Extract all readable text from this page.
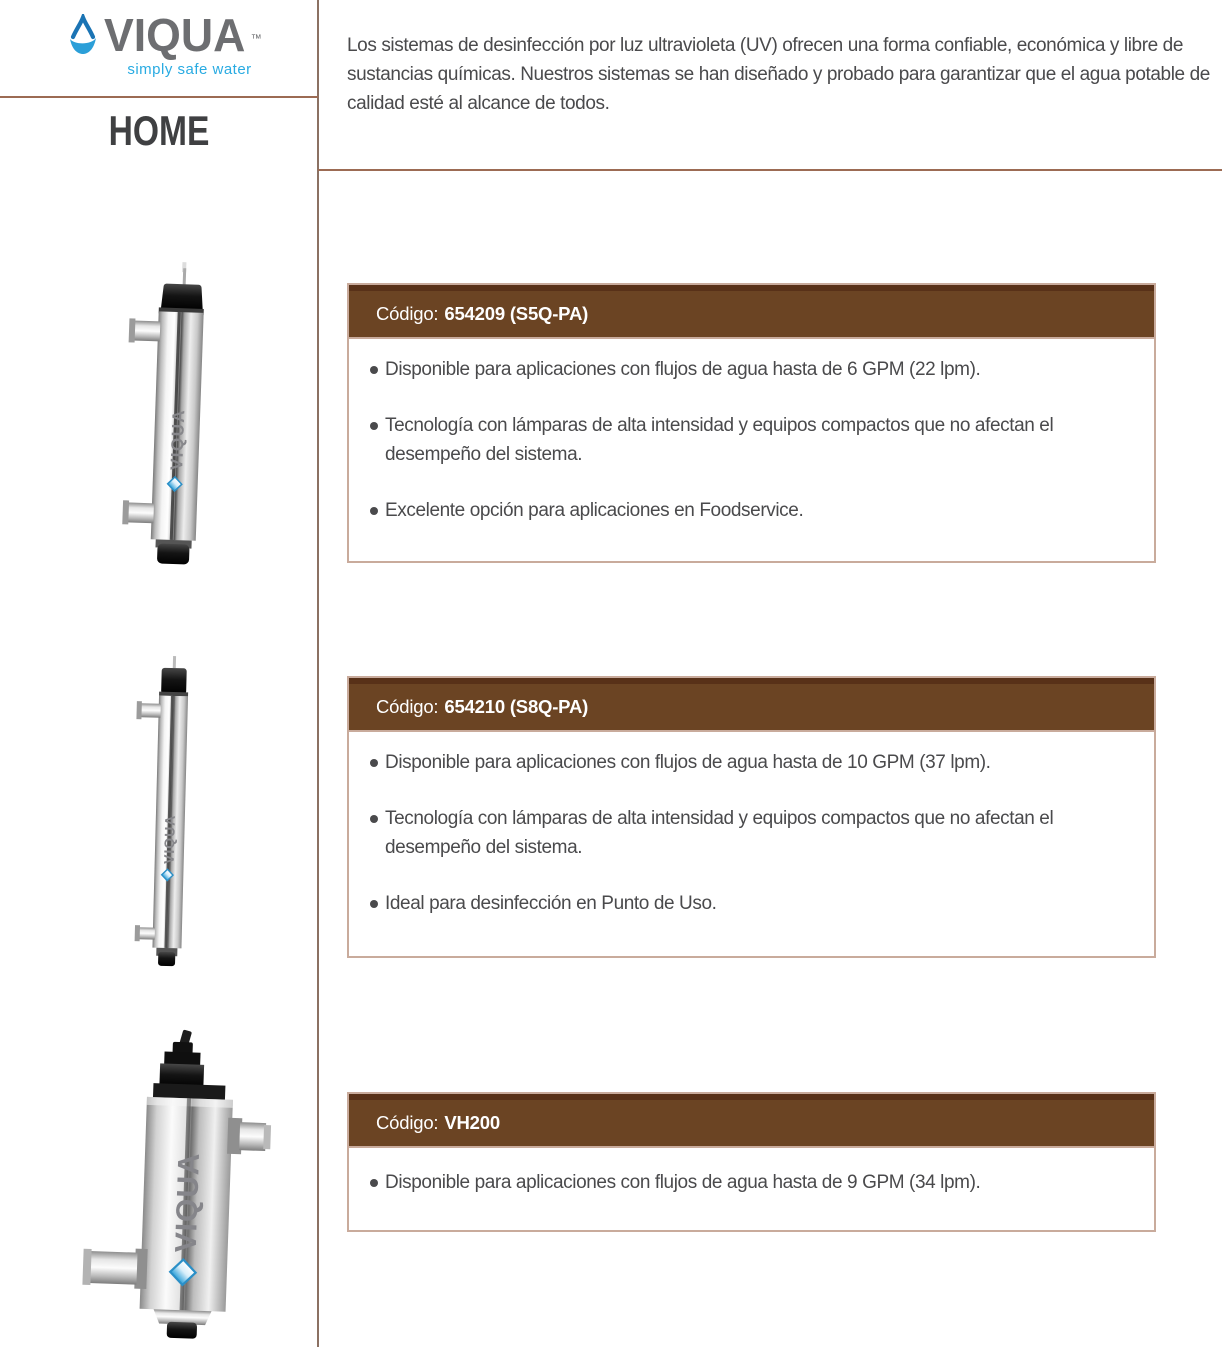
VIQUA ™
simply safe water
HOME

Los sistemas de desinfección por luz ultravioleta (UV) ofrecen una forma confiable, económica y libre de sustancias químicas. Nuestros sistemas se han diseñado y probado para garantizar que el agua potable de calidad esté al alcance de todos.

VIQUA
VIQUA
VIQUA
Código: 654209 (S5Q-PA)
Disponible para aplicaciones con flujos de agua hasta de 6 GPM (22 lpm).
Tecnología con lámparas de alta intensidad y equipos compactos que no afectan el desempeño del sistema.
Excelente opción para aplicaciones en Foodservice.
Código: 654210 (S8Q-PA)
Disponible para aplicaciones con flujos de agua hasta de 10 GPM (37 lpm).
Tecnología con lámparas de alta intensidad y equipos compactos que no afectan el desempeño del sistema.
Ideal para desinfección en Punto de Uso.
Código: VH200
Disponible para aplicaciones con flujos de agua hasta de 9 GPM (34 lpm).
